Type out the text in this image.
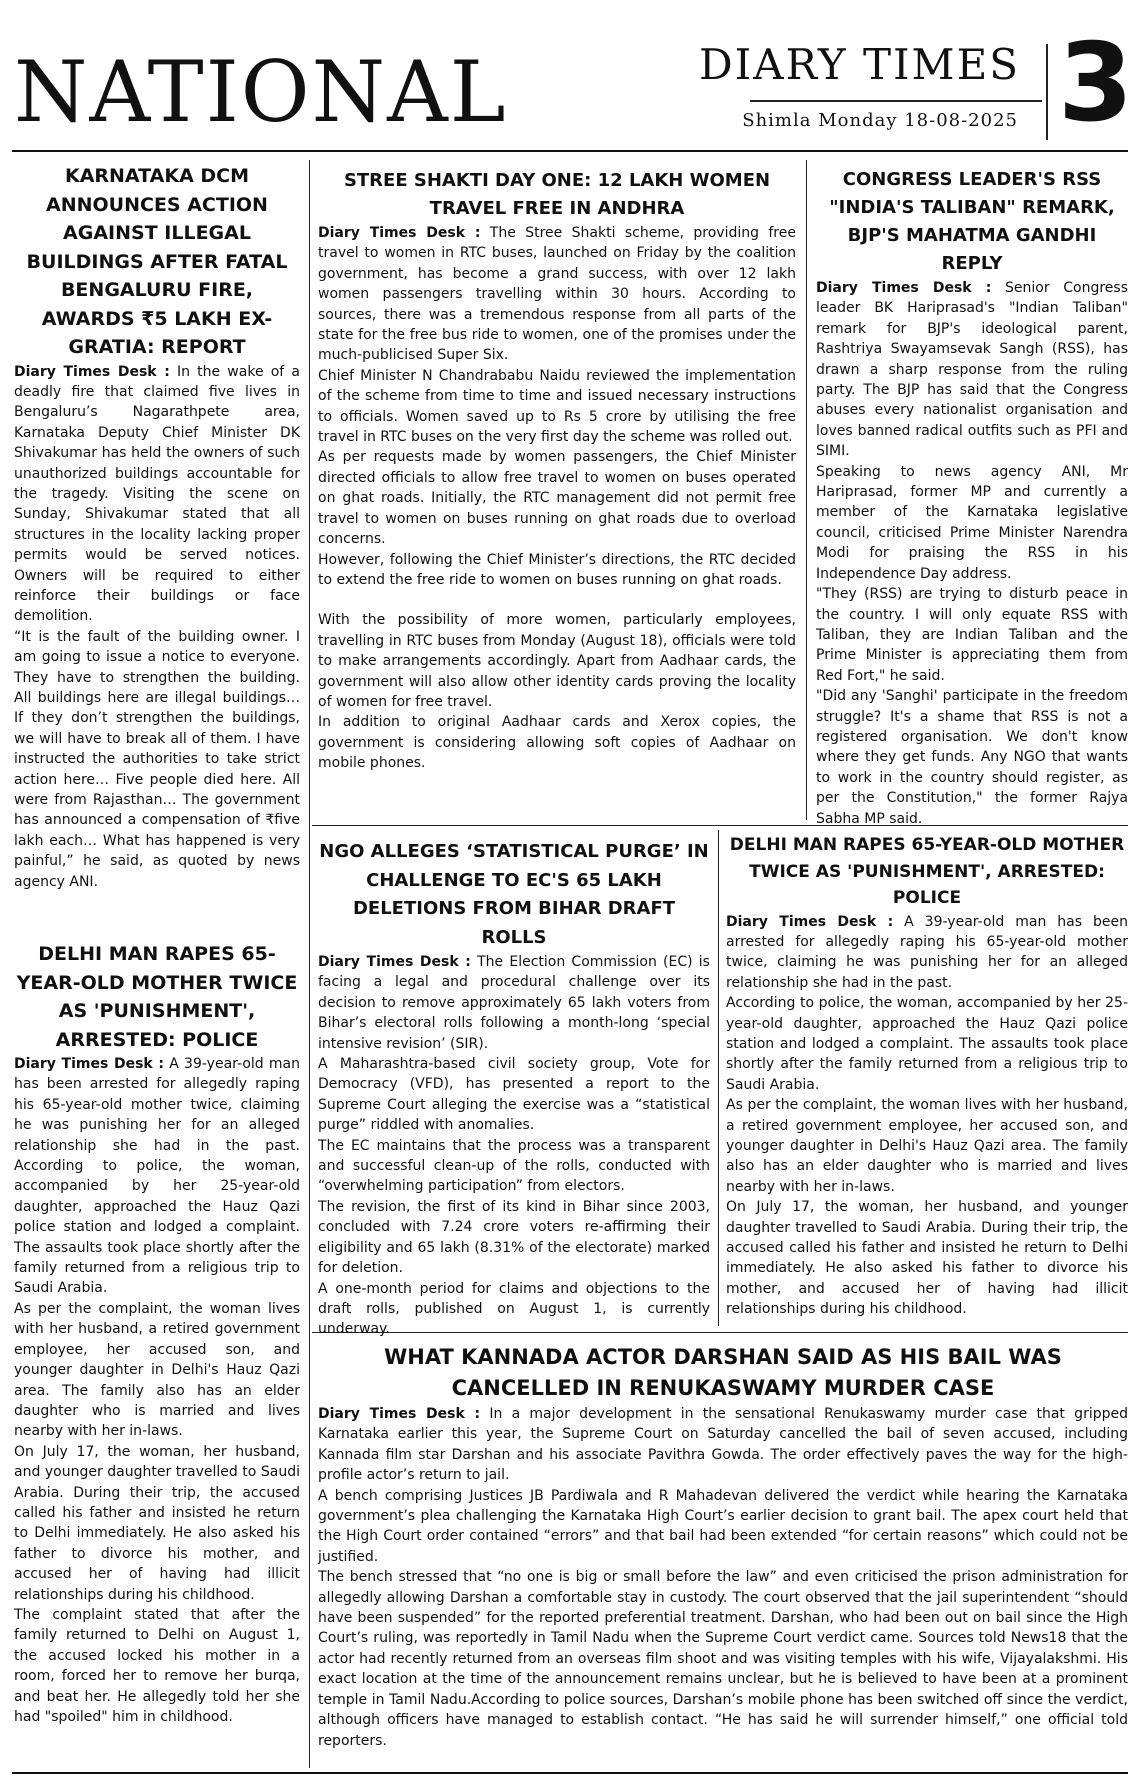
NATIONAL	DIARY TIMES
Shimla Monday 18-08-2025 3
KARNATAKA DCM ANNOUNCES ACTION AGAINST ILLEGAL BUILDINGS AFTER FATAL BENGALURU FIRE, AWARDS ₹5 LAKH EX-GRATIA: REPORT

Diary Times Desk : In the wake of a deadly fire that claimed five lives in Bengaluru’s Nagarathpete area, Karnataka Deputy Chief Minister DK Shivakumar has held the owners of such unauthorized buildings accountable for the tragedy. Visiting the scene on Sunday, Shivakumar stated that all structures in the locality lacking proper permits would be served notices. Owners will be required to either reinforce their buildings or face demolition.

“It is the fault of the building owner. I am going to issue a notice to everyone. They have to strengthen the building. All buildings here are illegal buildings… If they don’t strengthen the buildings, we will have to break all of them. I have instructed the authorities to take strict action here… Five people died here. All were from Rajasthan… The government has announced a compensation of ₹five lakh each… What has happened is very painful,” he said, as quoted by news agency ANI.

STREE SHAKTI DAY ONE: 12 LAKH WOMEN TRAVEL FREE IN ANDHRA

Diary Times Desk : The Stree Shakti scheme, providing free travel to women in RTC buses, launched on Friday by the coalition government, has become a grand success, with over 12 lakh women passengers travelling within 30 hours. According to sources, there was a tremendous response from all parts of the state for the free bus ride to women, one of the promises under the much-publicised Super Six.

Chief Minister N Chandrababu Naidu reviewed the implementation of the scheme from time to time and issued necessary instructions to officials. Women saved up to Rs 5 crore by utilising the free travel in RTC buses on the very first day the scheme was rolled out.

As per requests made by women passengers, the Chief Minister directed officials to allow free travel to women on buses operated on ghat roads. Initially, the RTC management did not permit free travel to women on buses running on ghat roads due to overload concerns.

However, following the Chief Minister’s directions, the RTC decided to extend the free ride to women on buses running on ghat roads.

With the possibility of more women, particularly employees, travelling in RTC buses from Monday (August 18), officials were told to make arrangements accordingly. Apart from Aadhaar cards, the government will also allow other identity cards proving the locality of women for free travel.

In addition to original Aadhaar cards and Xerox copies, the government is considering allowing soft copies of Aadhaar on mobile phones.

CONGRESS LEADER'S RSS "INDIA'S TALIBAN" REMARK, BJP'S MAHATMA GANDHI REPLY

Diary Times Desk : Senior Congress leader BK Hariprasad's "Indian Taliban" remark for BJP's ideological parent, Rashtriya Swayamsevak Sangh (RSS), has drawn a sharp response from the ruling party. The BJP has said that the Congress abuses every nationalist organisation and loves banned radical outfits such as PFI and SIMI.

Speaking to news agency ANI, Mr Hariprasad, former MP and currently a member of the Karnataka legislative council, criticised Prime Minister Narendra Modi for praising the RSS in his Independence Day address.

"They (RSS) are trying to disturb peace in the country. I will only equate RSS with Taliban, they are Indian Taliban and the Prime Minister is appreciating them from Red Fort," he said.

"Did any 'Sanghi' participate in the freedom struggle? It's a shame that RSS is not a registered organisation. We don't know where they get funds. Any NGO that wants to work in the country should register, as per the Constitution," the former Rajya Sabha MP said.

DELHI MAN RAPES 65-YEAR-OLD MOTHER TWICE AS 'PUNISHMENT', ARRESTED: POLICE

Diary Times Desk : A 39-year-old man has been arrested for allegedly raping his 65-year-old mother twice, claiming he was punishing her for an alleged relationship she had in the past. According to police, the woman, accompanied by her 25-year-old daughter, approached the Hauz Qazi police station and lodged a complaint. The assaults took place shortly after the family returned from a religious trip to Saudi Arabia.

As per the complaint, the woman lives with her husband, a retired government employee, her accused son, and younger daughter in Delhi's Hauz Qazi area. The family also has an elder daughter who is married and lives nearby with her in-laws.

On July 17, the woman, her husband, and younger daughter travelled to Saudi Arabia. During their trip, the accused called his father and insisted he return to Delhi immediately. He also asked his father to divorce his mother, and accused her of having had illicit relationships during his childhood.

The complaint stated that after the family returned to Delhi on August 1, the accused locked his mother in a room, forced her to remove her burqa, and beat her. He allegedly told her she had "spoiled" him in childhood.

NGO ALLEGES ‘STATISTICAL PURGE’ IN CHALLENGE TO EC'S 65 LAKH DELETIONS FROM BIHAR DRAFT ROLLS

Diary Times Desk : The Election Commission (EC) is facing a legal and procedural challenge over its decision to remove approximately 65 lakh voters from Bihar’s electoral rolls following a month-long ‘special intensive revision’ (SIR).

A Maharashtra-based civil society group, Vote for Democracy (VFD), has presented a report to the Supreme Court alleging the exercise was a “statistical purge” riddled with anomalies.

The EC maintains that the process was a transparent and successful clean-up of the rolls, conducted with “overwhelming participation” from electors.

The revision, the first of its kind in Bihar since 2003, concluded with 7.24 crore voters re-affirming their eligibility and 65 lakh (8.31% of the electorate) marked for deletion.

A one-month period for claims and objections to the draft rolls, published on August 1, is currently underway.

DELHI MAN RAPES 65-YEAR-OLD MOTHER TWICE AS 'PUNISHMENT', ARRESTED: POLICE

Diary Times Desk : A 39-year-old man has been arrested for allegedly raping his 65-year-old mother twice, claiming he was punishing her for an alleged relationship she had in the past.

According to police, the woman, accompanied by her 25-year-old daughter, approached the Hauz Qazi police station and lodged a complaint. The assaults took place shortly after the family returned from a religious trip to Saudi Arabia.

As per the complaint, the woman lives with her husband, a retired government employee, her accused son, and younger daughter in Delhi's Hauz Qazi area. The family also has an elder daughter who is married and lives nearby with her in-laws.

On July 17, the woman, her husband, and younger daughter travelled to Saudi Arabia. During their trip, the accused called his father and insisted he return to Delhi immediately. He also asked his father to divorce his mother, and accused her of having had illicit relationships during his childhood.

WHAT KANNADA ACTOR DARSHAN SAID AS HIS BAIL WAS CANCELLED IN RENUKASWAMY MURDER CASE

Diary Times Desk : In a major development in the sensational Renukaswamy murder case that gripped Karnataka earlier this year, the Supreme Court on Saturday cancelled the bail of seven accused, including Kannada film star Darshan and his associate Pavithra Gowda. The order effectively paves the way for the high-profile actor’s return to jail.

A bench comprising Justices JB Pardiwala and R Mahadevan delivered the verdict while hearing the Karnataka government’s plea challenging the Karnataka High Court’s earlier decision to grant bail. The apex court held that the High Court order contained “errors” and that bail had been extended “for certain reasons” which could not be justified.

The bench stressed that “no one is big or small before the law” and even criticised the prison administration for allegedly allowing Darshan a comfortable stay in custody. The court observed that the jail superintendent “should have been suspended” for the reported preferential treatment. Darshan, who had been out on bail since the High Court’s ruling, was reportedly in Tamil Nadu when the Supreme Court verdict came. Sources told News18 that the actor had recently returned from an overseas film shoot and was visiting temples with his wife, Vijayalakshmi. His exact location at the time of the announcement remains unclear, but he is believed to have been at a prominent temple in Tamil Nadu.According to police sources, Darshan’s mobile phone has been switched off since the verdict, although officers have managed to establish contact. “He has said he will surrender himself,” one official told reporters.
